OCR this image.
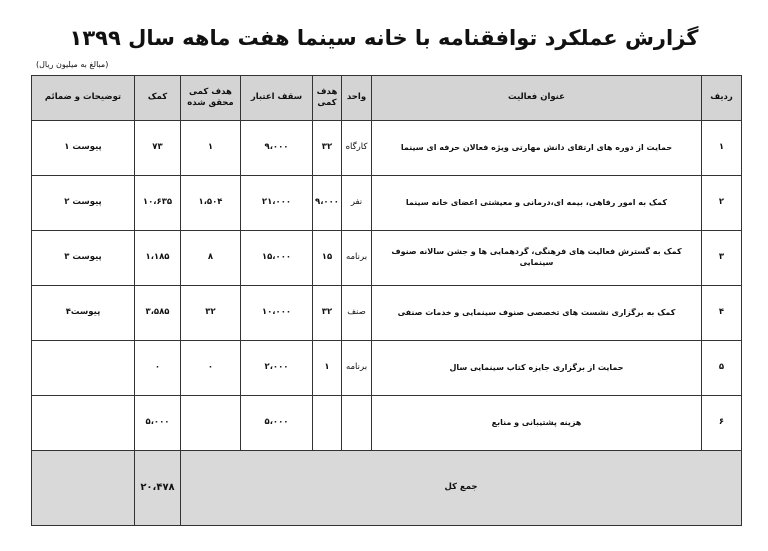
گزارش عملکرد توافقنامه با خانه سینما هفت ماهه سال ۱۳۹۹
(مبالغ به میلیون ریال)
ردیف	عنوان فعالیت	واحد	هدف کمی	سقف اعتبار	هدف کمی محقق شده	کمک	توضیحات و ضمائم
۱	حمایت از دوره های ارتقای دانش مهارتی ویژه فعالان حرفه ای سینما	کارگاه	۳۲	۹،۰۰۰	۱	۷۳	پیوست ۱
۲	کمک به امور رفاهی، بیمه ای،درمانی و معیشتی اعضای خانه سینما	نفر	۹،۰۰۰	۲۱،۰۰۰	۱،۵۰۴	۱۰،۶۳۵	پیوست ۲
۳	کمک به گسترش فعالیت های فرهنگی، گردهمایی ها و جشن سالانه صنوف سینمایی	برنامه	۱۵	۱۵،۰۰۰	۸	۱،۱۸۵	پیوست ۳
۴	کمک به برگزاری نشست های تخصصی صنوف سینمایی و خدمات صنفی	صنف	۳۲	۱۰،۰۰۰	۳۲	۳،۵۸۵	پیوست۴
۵	حمایت از برگزاری جایزه کتاب سینمایی سال	برنامه	۱	۲،۰۰۰	۰	۰	
۶	هزینه پشتیبانی و منابع			۵،۰۰۰		۵،۰۰۰	
جمع کل						۲۰،۴۷۸	
